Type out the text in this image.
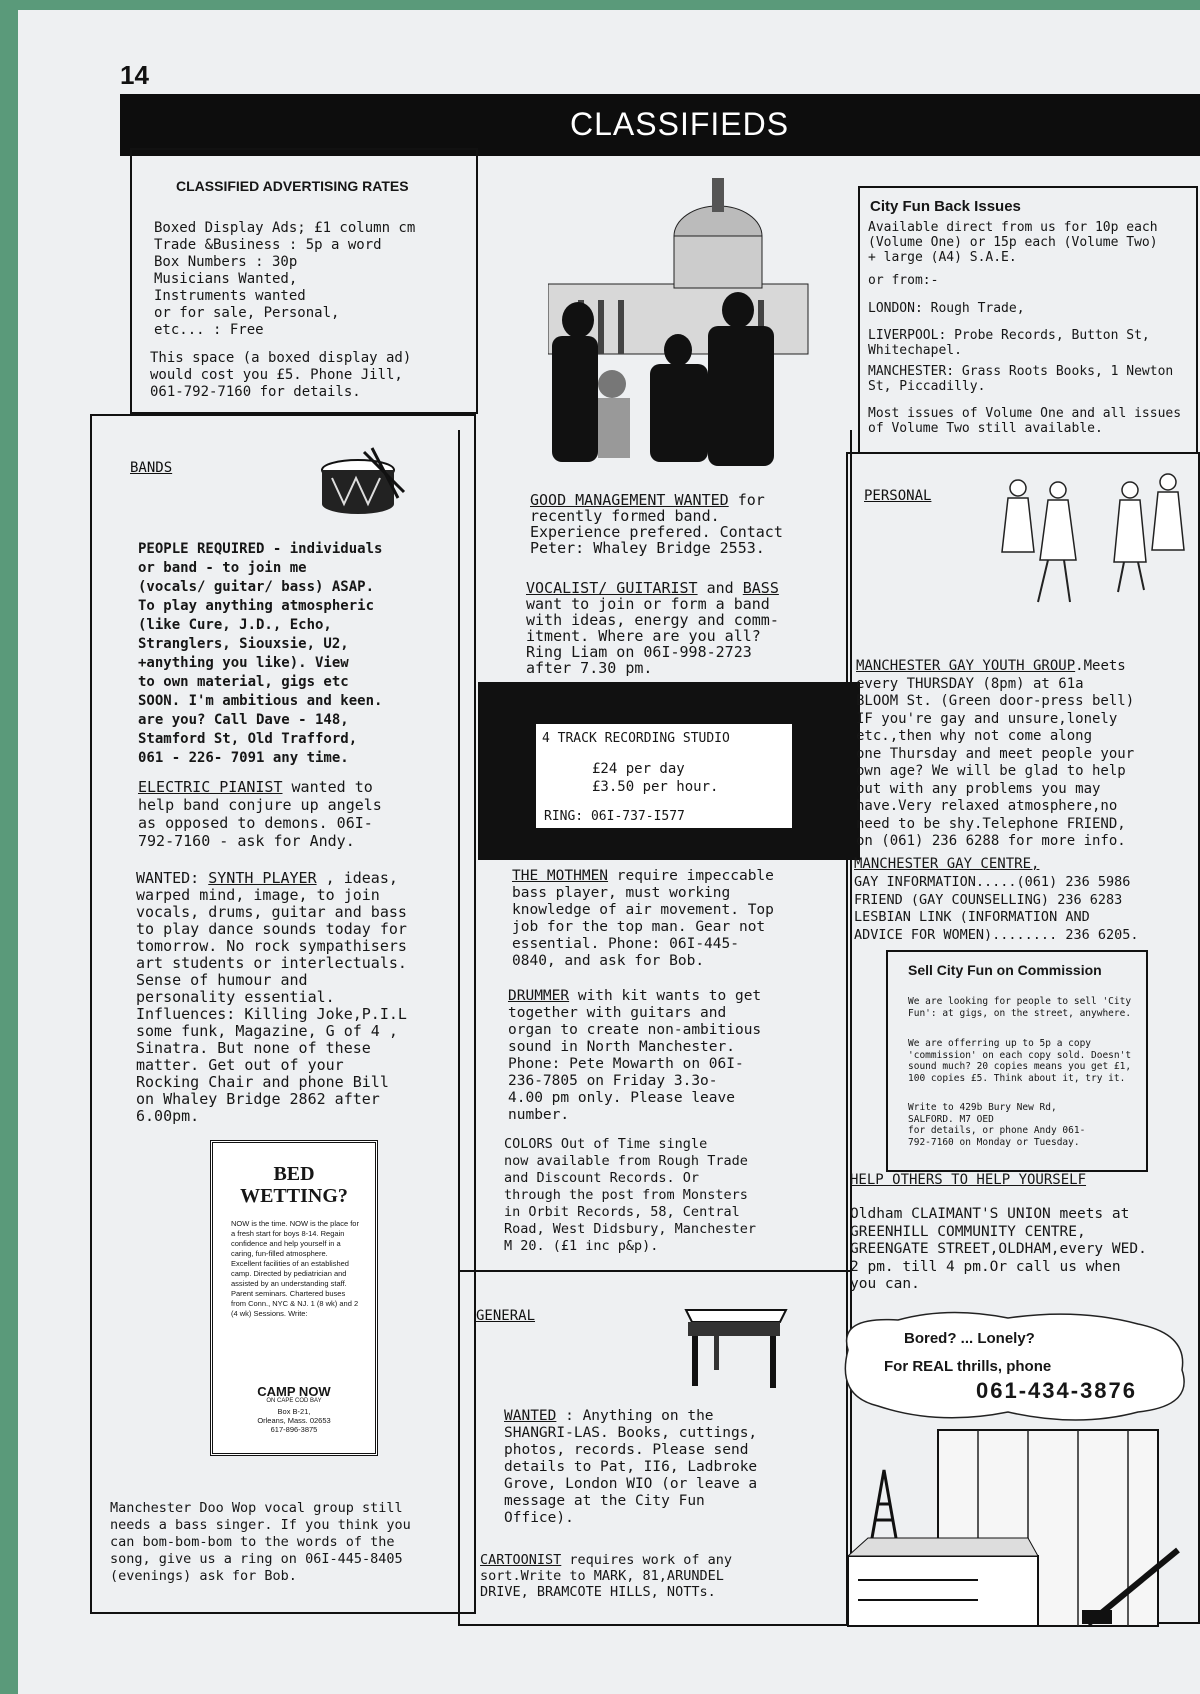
14
CLASSIFIEDS
CLASSIFIED ADVERTISING RATES
Boxed Display Ads; £1 column cm
Trade &Business : 5p a word
Box Numbers : 30p
Musicians Wanted,
Instruments wanted
or for sale, Personal,
etc... : Free
This space (a boxed display ad)
would cost you £5. Phone Jill,
061-792-7160 for details.
City Fun Back Issues
Available direct from us for 10p each
(Volume One) or 15p each (Volume Two)
+ large (A4) S.A.E.
or from:-
LONDON: Rough Trade,
LIVERPOOL: Probe Records, Button St,
Whitechapel.
MANCHESTER: Grass Roots Books, 1 Newton
St, Piccadilly.
Most issues of Volume One and all issues
of Volume Two still available.
BANDS
PEOPLE REQUIRED - individuals
or band - to join me
(vocals/ guitar/ bass) ASAP.
To play anything atmospheric
(like Cure, J.D., Echo,
Stranglers, Siouxsie, U2,
+anything you like). View
to own material, gigs etc
SOON. I'm ambitious and keen.
are you? Call Dave - 148,
Stamford St, Old Trafford,
061 - 226- 7091 any time.
ELECTRIC PIANIST wanted to
help band conjure up angels
as opposed to demons. 06I-
792-7160 - ask for Andy.
WANTED: SYNTH PLAYER , ideas,
warped mind, image, to join
vocals, drums, guitar and bass
to play dance sounds today for
tomorrow. No rock sympathisers
art students or interlectuals.
Sense of humour and
personality essential.
Influences: Killing Joke,P.I.L
some funk, Magazine, G of 4 ,
Sinatra. But none of these
matter. Get out of your
Rocking Chair and phone Bill
on Whaley Bridge 2862 after
6.00pm.
BED
WETTING?
NOW is the time. NOW is the place for a fresh start for boys 8-14. Regain confidence and help yourself in a caring, fun-filled atmosphere. Excellent facilities of an established camp. Directed by pediatrician and assisted by an understanding staff. Parent seminars. Chartered buses from Conn., NYC & NJ. 1 (8 wk) and 2 (4 wk) Sessions. Write:
CAMP NOW
ON CAPE COD BAY
Box B-21,
Orleans, Mass. 02653
617-896-3875
Manchester Doo Wop vocal group still
needs a bass singer. If you think you
can bom-bom-bom to the words of the
song, give us a ring on 06I-445-8405
(evenings) ask for Bob.
GOOD MANAGEMENT WANTED for
recently formed band.
Experience prefered. Contact
Peter: Whaley Bridge 2553.
VOCALIST/ GUITARIST and BASS
want to join or form a band
with ideas, energy and comm-
itment. Where are you all?
Ring Liam on 06I-998-2723
after 7.30 pm.
4 TRACK RECORDING STUDIO
£24 per day
£3.50 per hour.
RING: 06I-737-I577
THE MOTHMEN require impeccable
bass player, must working
knowledge of air movement. Top
job for the top man. Gear not
essential. Phone: 06I-445-
0840, and ask for Bob.
DRUMMER with kit wants to get
together with guitars and
organ to create non-ambitious
sound in North Manchester.
Phone: Pete Mowarth on 06I-
236-7805 on Friday 3.3o-
4.00 pm only. Please leave
number.
COLORS Out of Time single
now available from Rough Trade
and Discount Records. Or
through the post from Monsters
in Orbit Records, 58, Central
Road, West Didsbury, Manchester
M 20. (£1 inc p&p).
GENERAL
WANTED : Anything on the
SHANGRI-LAS. Books, cuttings,
photos, records. Please send
details to Pat, II6, Ladbroke
Grove, London WIO (or leave a
message at the City Fun
Office).
CARTOONIST requires work of any
sort.Write to MARK, 81,ARUNDEL
DRIVE, BRAMCOTE HILLS, NOTTs.
PERSONAL
MANCHESTER GAY YOUTH GROUP.Meets
every THURSDAY (8pm) at 61a
BLOOM St. (Green door-press bell)
IF you're gay and unsure,lonely
etc.,then why not come along
one Thursday and meet people your
own age? We will be glad to help
out with any problems you may
have.Very relaxed atmosphere,no
need to be shy.Telephone FRIEND,
on (061) 236 6288 for more info.
MANCHESTER GAY CENTRE,
GAY INFORMATION.....(061) 236 5986
FRIEND (GAY COUNSELLING) 236 6283
LESBIAN LINK (INFORMATION AND
ADVICE FOR WOMEN)........ 236 6205.
Sell City Fun on Commission
We are looking for people to sell 'City Fun': at gigs, on the street, anywhere.
We are offerring up to 5p a copy 'commission' on each copy sold. Doesn't sound much? 20 copies means you get £1, 100 copies £5. Think about it, try it.
Write to 429b Bury New Rd,
SALFORD. M7 OED
for details, or phone Andy 061-
792-7160 on Monday or Tuesday.
HELP OTHERS TO HELP YOURSELF
Oldham CLAIMANT'S UNION meets at
GREENHILL COMMUNITY CENTRE,
GREENGATE STREET,OLDHAM,every WED.
2 pm. till 4 pm.Or call us when
you can.
Bored? ... Lonely?
For REAL thrills, phone
061-434-3876
